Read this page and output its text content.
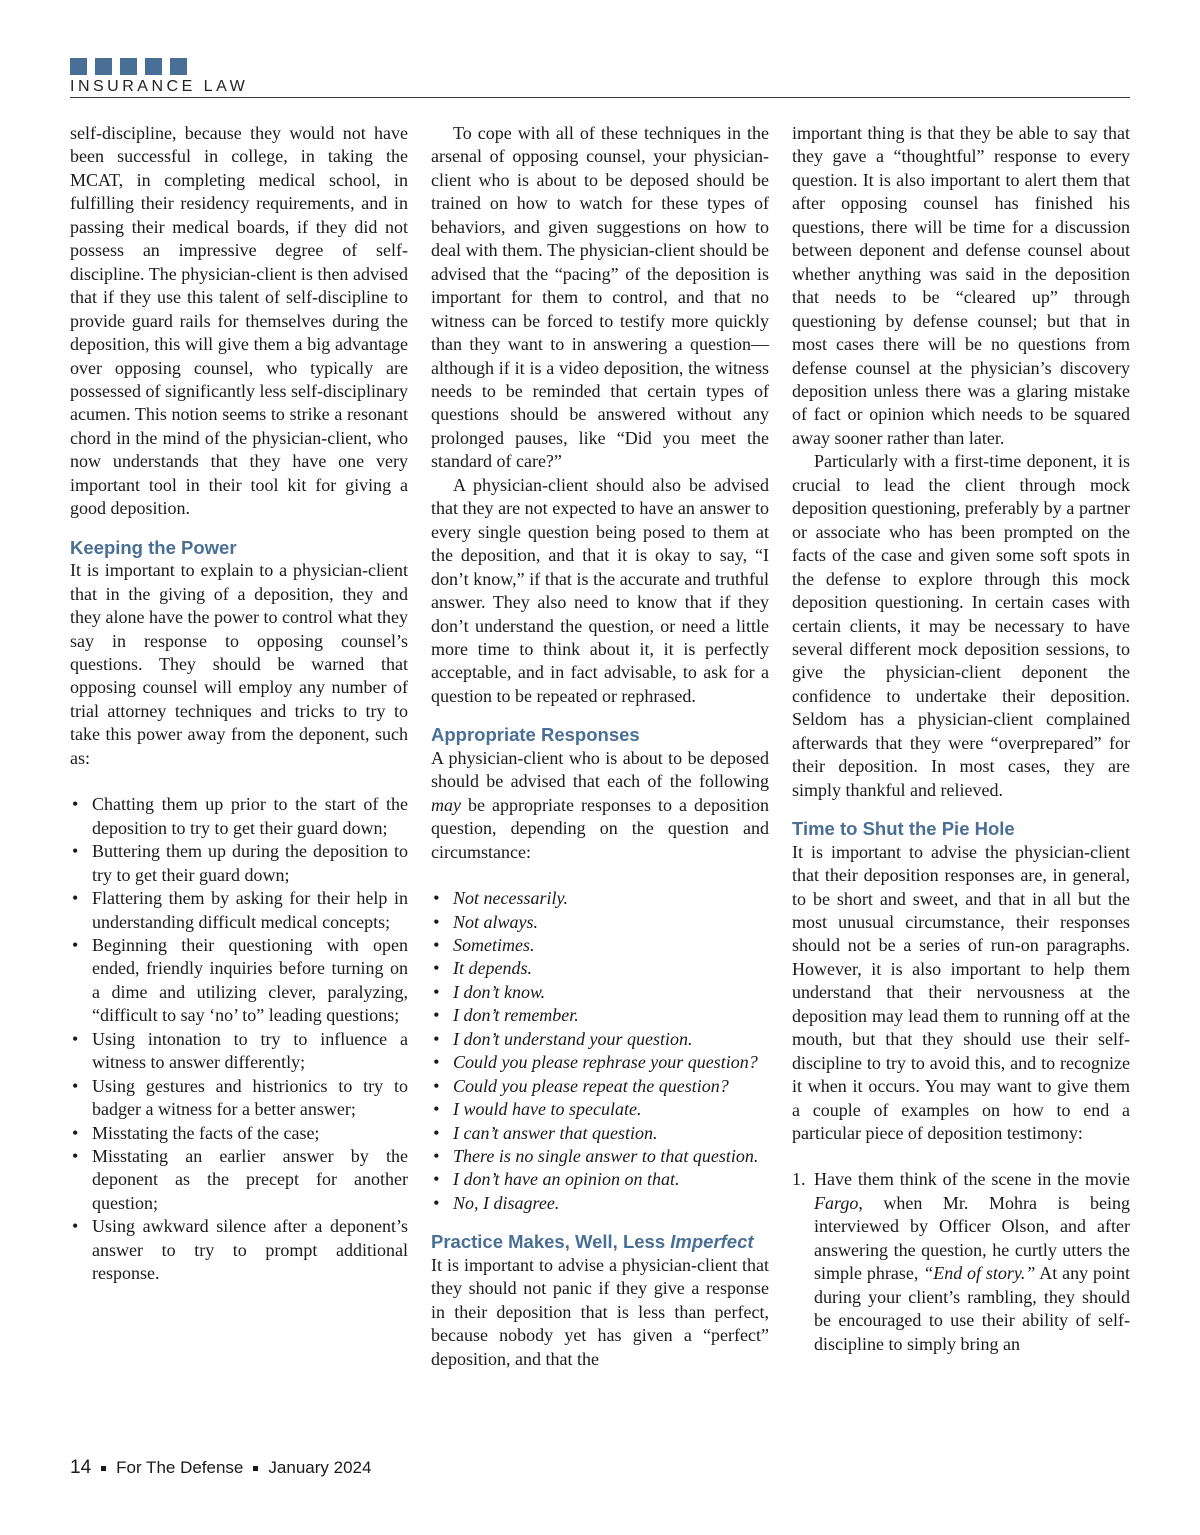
INSURANCE LAW

self-discipline, because they would not have been successful in college, in taking the MCAT, in completing medical school, in fulfilling their residency requirements, and in passing their medical boards, if they did not possess an impressive degree of self-discipline. The physician-client is then advised that if they use this talent of self-discipline to provide guard rails for themselves during the deposition, this will give them a big advantage over opposing counsel, who typically are possessed of significantly less self-disciplinary acumen. This notion seems to strike a resonant chord in the mind of the physician-client, who now understands that they have one very important tool in their tool kit for giving a good deposition.

Keeping the Power

It is important to explain to a physician-client that in the giving of a deposition, they and they alone have the power to control what they say in response to opposing counsel’s questions. They should be warned that opposing counsel will employ any number of trial attorney techniques and tricks to try to take this power away from the deponent, such as:

• Chatting them up prior to the start of the deposition to try to get their guard down;
• Buttering them up during the deposition to try to get their guard down;
• Flattering them by asking for their help in understanding difficult medical concepts;
• Beginning their questioning with open ended, friendly inquiries before turning on a dime and utilizing clever, paralyzing, “difficult to say ‘no’ to” leading questions;
• Using intonation to try to influence a witness to answer differently;
• Using gestures and histrionics to try to badger a witness for a better answer;
• Misstating the facts of the case;
• Misstating an earlier answer by the deponent as the precept for another question;
• Using awkward silence after a deponent’s answer to try to prompt additional response.

To cope with all of these techniques in the arsenal of opposing counsel, your physician-client who is about to be deposed should be trained on how to watch for these types of behaviors, and given suggestions on how to deal with them. The physician-client should be advised that the “pacing” of the deposition is important for them to control, and that no witness can be forced to testify more quickly than they want to in answering a question—although if it is a video deposition, the witness needs to be reminded that certain types of questions should be answered without any prolonged pauses, like “Did you meet the standard of care?”

A physician-client should also be advised that they are not expected to have an answer to every single question being posed to them at the deposition, and that it is okay to say, “I don’t know,” if that is the accurate and truthful answer. They also need to know that if they don’t understand the question, or need a little more time to think about it, it is perfectly acceptable, and in fact advisable, to ask for a question to be repeated or rephrased.

Appropriate Responses

A physician-client who is about to be deposed should be advised that each of the following may be appropriate responses to a deposition question, depending on the question and circumstance:

• Not necessarily.
• Not always.
• Sometimes.
• It depends.
• I don’t know.
• I don’t remember.
• I don’t understand your question.
• Could you please rephrase your question?
• Could you please repeat the question?
• I would have to speculate.
• I can’t answer that question.
• There is no single answer to that question.
• I don’t have an opinion on that.
• No, I disagree.
Practice Makes, Well, Less Imperfect

It is important to advise a physician-client that they should not panic if they give a response in their deposition that is less than perfect, because nobody yet has given a “perfect” deposition, and that the

important thing is that they be able to say that they gave a “thoughtful” response to every question. It is also important to alert them that after opposing counsel has finished his questions, there will be time for a discussion between deponent and defense counsel about whether anything was said in the deposition that needs to be “cleared up” through questioning by defense counsel; but that in most cases there will be no questions from defense counsel at the physician’s discovery deposition unless there was a glaring mistake of fact or opinion which needs to be squared away sooner rather than later.

Particularly with a first-time deponent, it is crucial to lead the client through mock deposition questioning, preferably by a partner or associate who has been prompted on the facts of the case and given some soft spots in the defense to explore through this mock deposition questioning. In certain cases with certain clients, it may be necessary to have several different mock deposition sessions, to give the physician-client deponent the confidence to undertake their deposition. Seldom has a physician-client complained afterwards that they were “overprepared” for their deposition. In most cases, they are simply thankful and relieved.

Time to Shut the Pie Hole

It is important to advise the physician-client that their deposition responses are, in general, to be short and sweet, and that in all but the most unusual circumstance, their responses should not be a series of run-on paragraphs. However, it is also important to help them understand that their nervousness at the deposition may lead them to running off at the mouth, but that they should use their self-discipline to try to avoid this, and to recognize it when it occurs. You may want to give them a couple of examples on how to end a particular piece of deposition testimony:

1. Have them think of the scene in the movie Fargo, when Mr. Mohra is being interviewed by Officer Olson, and after answering the question, he curtly utters the simple phrase, “End of story.” At any point during your client’s rambling, they should be encouraged to use their ability of self-discipline to simply bring an
14 For The Defense January 2024
